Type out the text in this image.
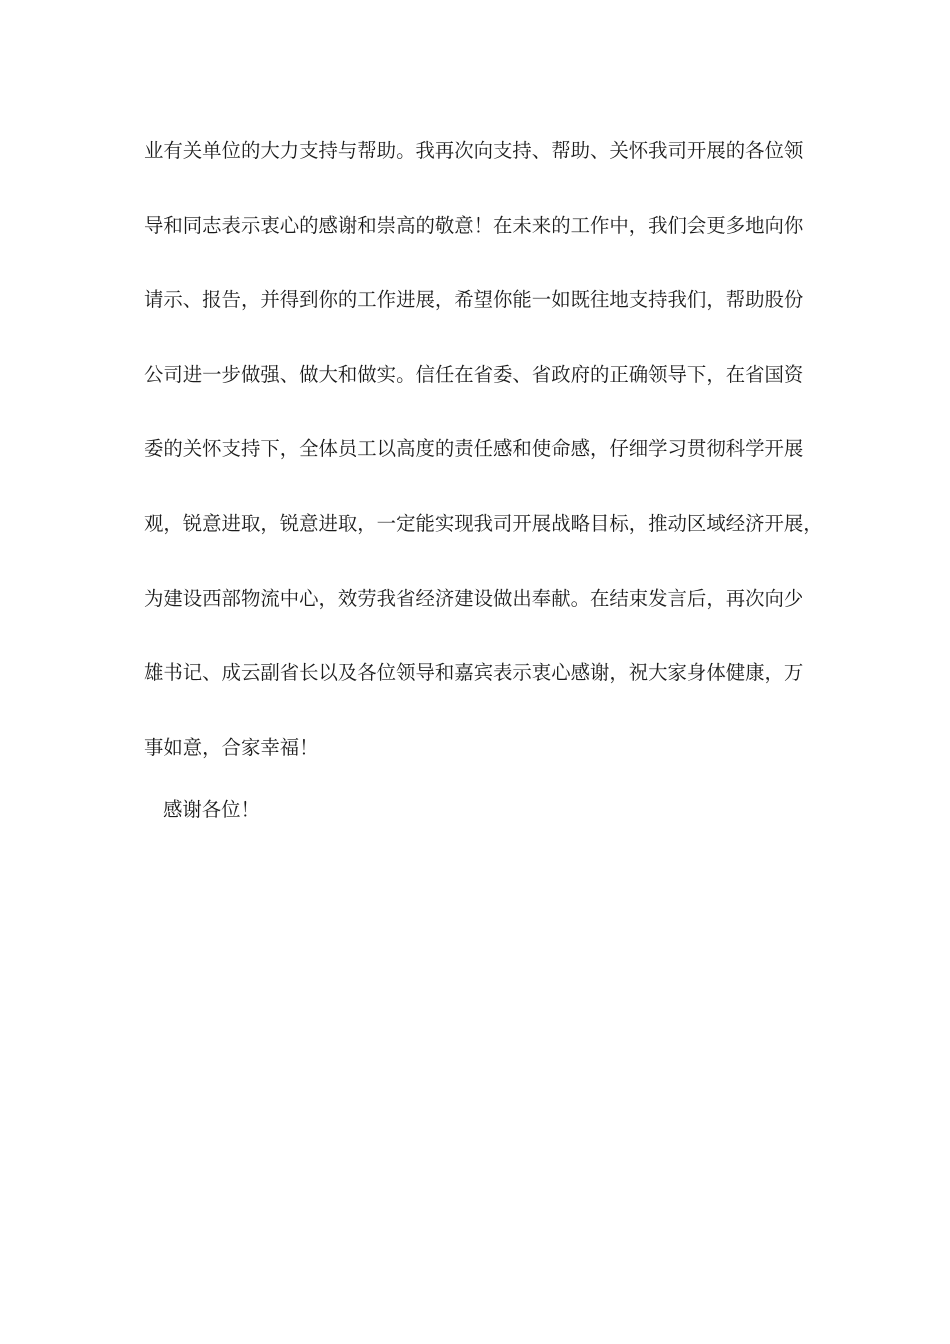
业有关单位的大力支持与帮助。我再次向支持、帮助、关怀我司开展的各位领
导和同志表示衷心的感谢和崇高的敬意！在未来的工作中，我们会更多地向你
请示、报告，并得到你的工作进展，希望你能一如既往地支持我们，帮助股份
公司进一步做强、做大和做实。信任在省委、省政府的正确领导下，在省国资
委的关怀支持下，全体员工以高度的责任感和使命感，仔细学习贯彻科学开展
观，锐意进取，锐意进取，一定能实现我司开展战略目标，推动区域经济开展，
为建设西部物流中心，效劳我省经济建设做出奉献。在结束发言后，再次向少
雄书记、成云副省长以及各位领导和嘉宾表示衷心感谢，祝大家身体健康，万
事如意，合家幸福！
感谢各位！
